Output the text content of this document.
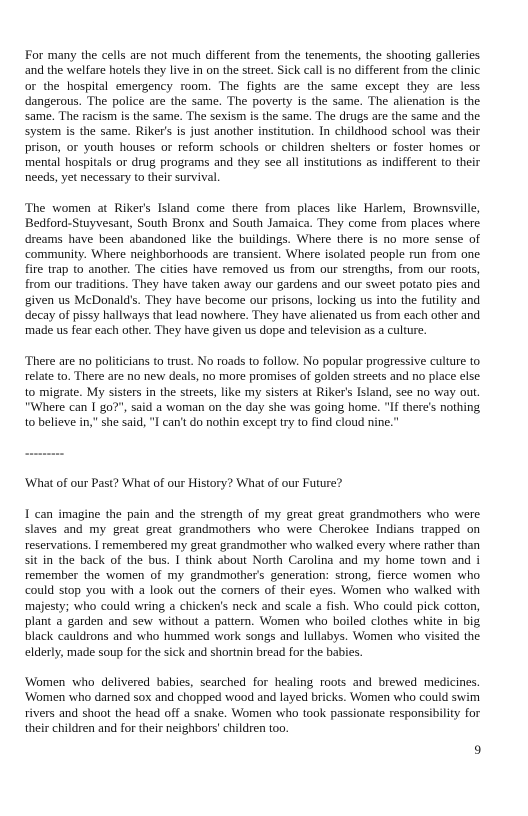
For many the cells are not much different from the tenements, the shooting galleries and the welfare hotels they live in on the street. Sick call is no different from the clinic or the hospital emergency room. The fights are the same except they are less dangerous. The police are the same. The poverty is the same. The alienation is the same. The racism is the same. The sexism is the same. The drugs are the same and the system is the same. Riker's is just another institution. In childhood school was their prison, or youth houses or reform schools or children shelters or foster homes or mental hospitals or drug programs and they see all institutions as indifferent to their needs, yet necessary to their survival.

The women at Riker's Island come there from places like Harlem, Brownsville, Bedford-Stuyvesant, South Bronx and South Jamaica. They come from places where dreams have been abandoned like the buildings. Where there is no more sense of community. Where neighborhoods are transient. Where isolated people run from one fire trap to another. The cities have removed us from our strengths, from our roots, from our traditions. They have taken away our gardens and our sweet potato pies and given us McDonald's. They have become our prisons, locking us into the futility and decay of pissy hallways that lead nowhere. They have alienated us from each other and made us fear each other. They have given us dope and television as a culture.

There are no politicians to trust. No roads to follow. No popular progressive culture to relate to. There are no new deals, no more promises of golden streets and no place else to migrate. My sisters in the streets, like my sisters at Riker's Island, see no way out. "Where can I go?", said a woman on the day she was going home. "If there's nothing to believe in," she said, "I can't do nothin except try to find cloud nine."

---------

What of our Past? What of our History? What of our Future?

I can imagine the pain and the strength of my great great grandmothers who were slaves and my great great grandmothers who were Cherokee Indians trapped on reservations. I remembered my great grandmother who walked every where rather than sit in the back of the bus. I think about North Carolina and my home town and i remember the women of my grandmother's generation: strong, fierce women who could stop you with a look out the corners of their eyes. Women who walked with majesty; who could wring a chicken's neck and scale a fish. Who could pick cotton, plant a garden and sew without a pattern. Women who boiled clothes white in big black cauldrons and who hummed work songs and lullabys. Women who visited the elderly, made soup for the sick and shortnin bread for the babies.

Women who delivered babies, searched for healing roots and brewed medicines. Women who darned sox and chopped wood and layed bricks. Women who could swim rivers and shoot the head off a snake. Women who took passionate responsibility for their children and for their neighbors' children too.

9
